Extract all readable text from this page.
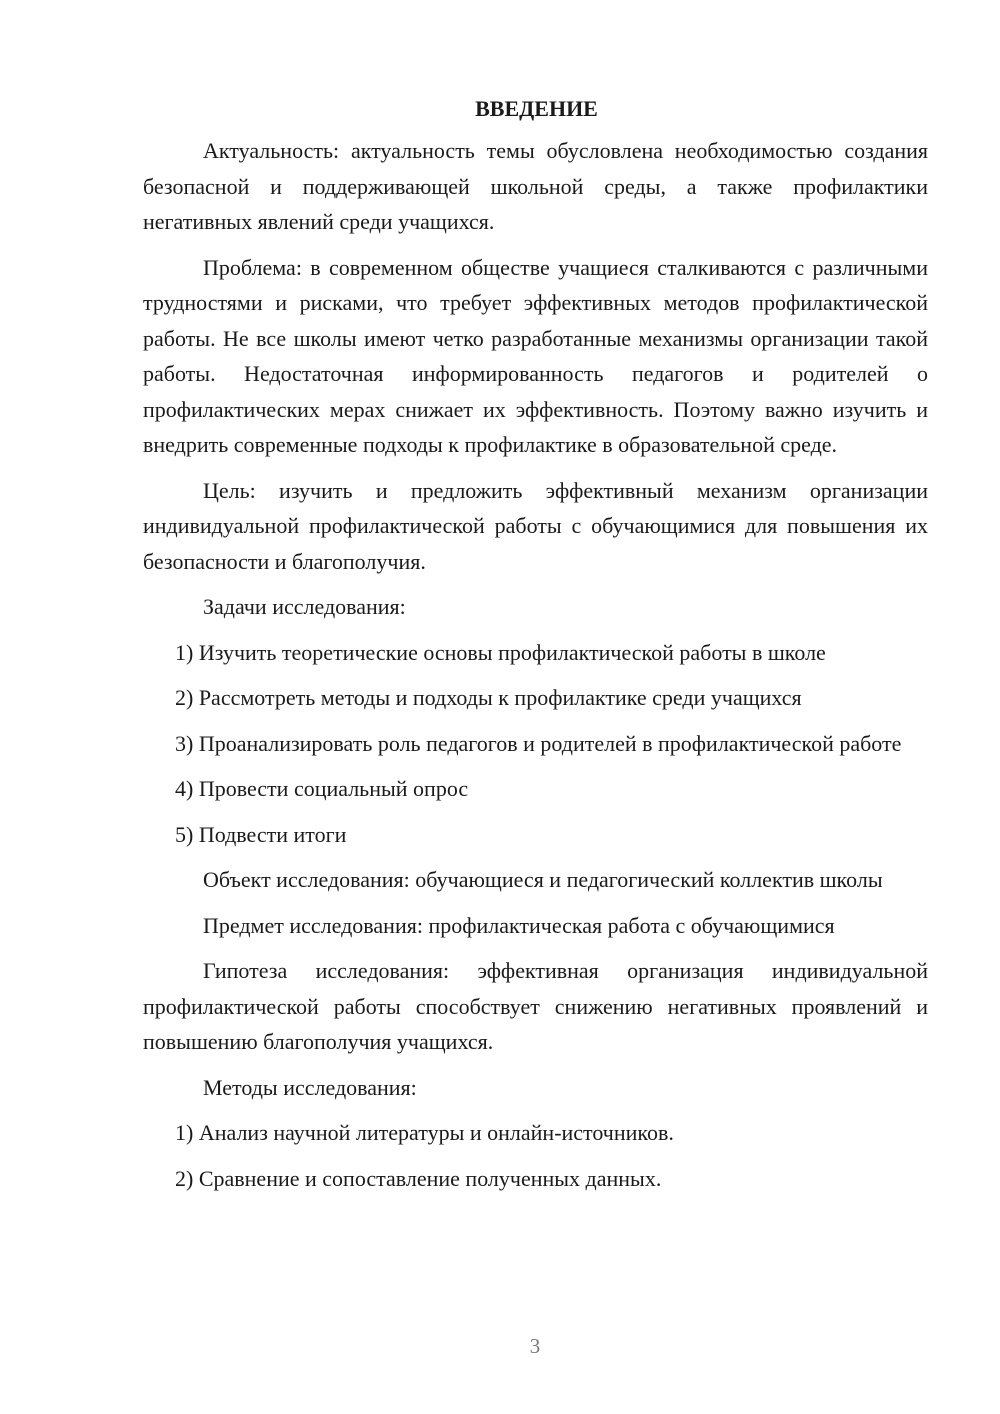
ВВЕДЕНИЕ

Актуальность: актуальность темы обусловлена необходимостью создания безопасной и поддерживающей школьной среды, а также профилактики негативных явлений среди учащихся.

Проблема: в современном обществе учащиеся сталкиваются с различными трудностями и рисками, что требует эффективных методов профилактической работы. Не все школы имеют четко разработанные механизмы организации такой работы. Недостаточная информированность педагогов и родителей о профилактических мерах снижает их эффективность. Поэтому важно изучить и внедрить современные подходы к профилактике в образовательной среде.

Цель: изучить и предложить эффективный механизм организации индивидуальной профилактической работы с обучающимися для повышения их безопасности и благополучия.

Задачи исследования:

1) Изучить теоретические основы профилактической работы в школе

2) Рассмотреть методы и подходы к профилактике среди учащихся

3) Проанализировать роль педагогов и родителей в профилактической работе

4) Провести социальный опрос

5) Подвести итоги

Объект исследования: обучающиеся и педагогический коллектив школы

Предмет исследования: профилактическая работа с обучающимися

Гипотеза исследования: эффективная организация индивидуальной профилактической работы способствует снижению негативных проявлений и повышению благополучия учащихся.

Методы исследования:

1) Анализ научной литературы и онлайн-источников.

2) Сравнение и сопоставление полученных данных.

3
